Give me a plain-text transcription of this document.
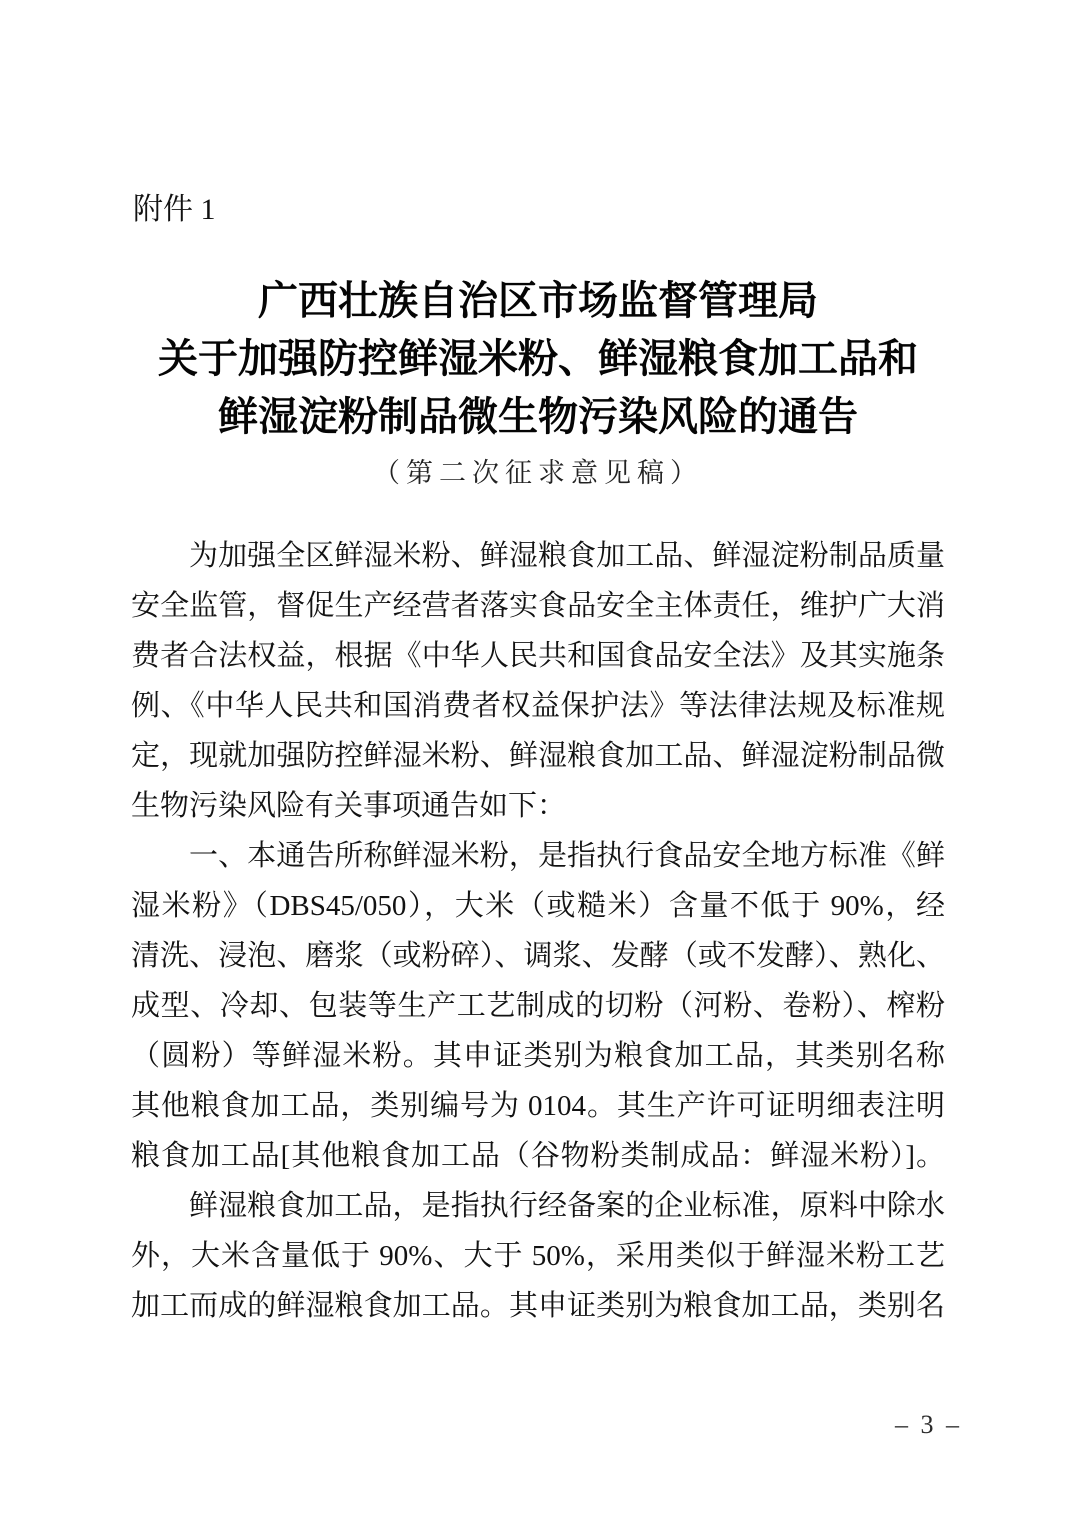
附件 1
广西壮族自治区市场监督管理局
关于加强防控鲜湿米粉、鲜湿粮食加工品和
鲜湿淀粉制品微生物污染风险的通告
（第二次征求意见稿）
为加强全区鲜湿米粉、鲜湿粮食加工品、鲜湿淀粉制品质量
安全监管，督促生产经营者落实食品安全主体责任，维护广大消
费者合法权益，根据《中华人民共和国食品安全法》及其实施条
例、《中华人民共和国消费者权益保护法》等法律法规及标准规
定，现就加强防控鲜湿米粉、鲜湿粮食加工品、鲜湿淀粉制品微
生物污染风险有关事项通告如下：
一、本通告所称鲜湿米粉，是指执行食品安全地方标准《鲜
湿米粉》（DBS45/050），大米（或糙米）含量不低于 90%，经
清洗、浸泡、磨浆（或粉碎）、调浆、发酵（或不发酵）、熟化、
成型、冷却、包装等生产工艺制成的切粉（河粉、卷粉）、榨粉
（圆粉）等鲜湿米粉。其申证类别为粮食加工品，其类别名称
其他粮食加工品，类别编号为 0104。其生产许可证明细表注明
粮食加工品[其他粮食加工品（谷物粉类制成品：鲜湿米粉）]。
鲜湿粮食加工品，是指执行经备案的企业标准，原料中除水
外，大米含量低于 90%、大于 50%，采用类似于鲜湿米粉工艺
加工而成的鲜湿粮食加工品。其申证类别为粮食加工品，类别名
– 3 –
